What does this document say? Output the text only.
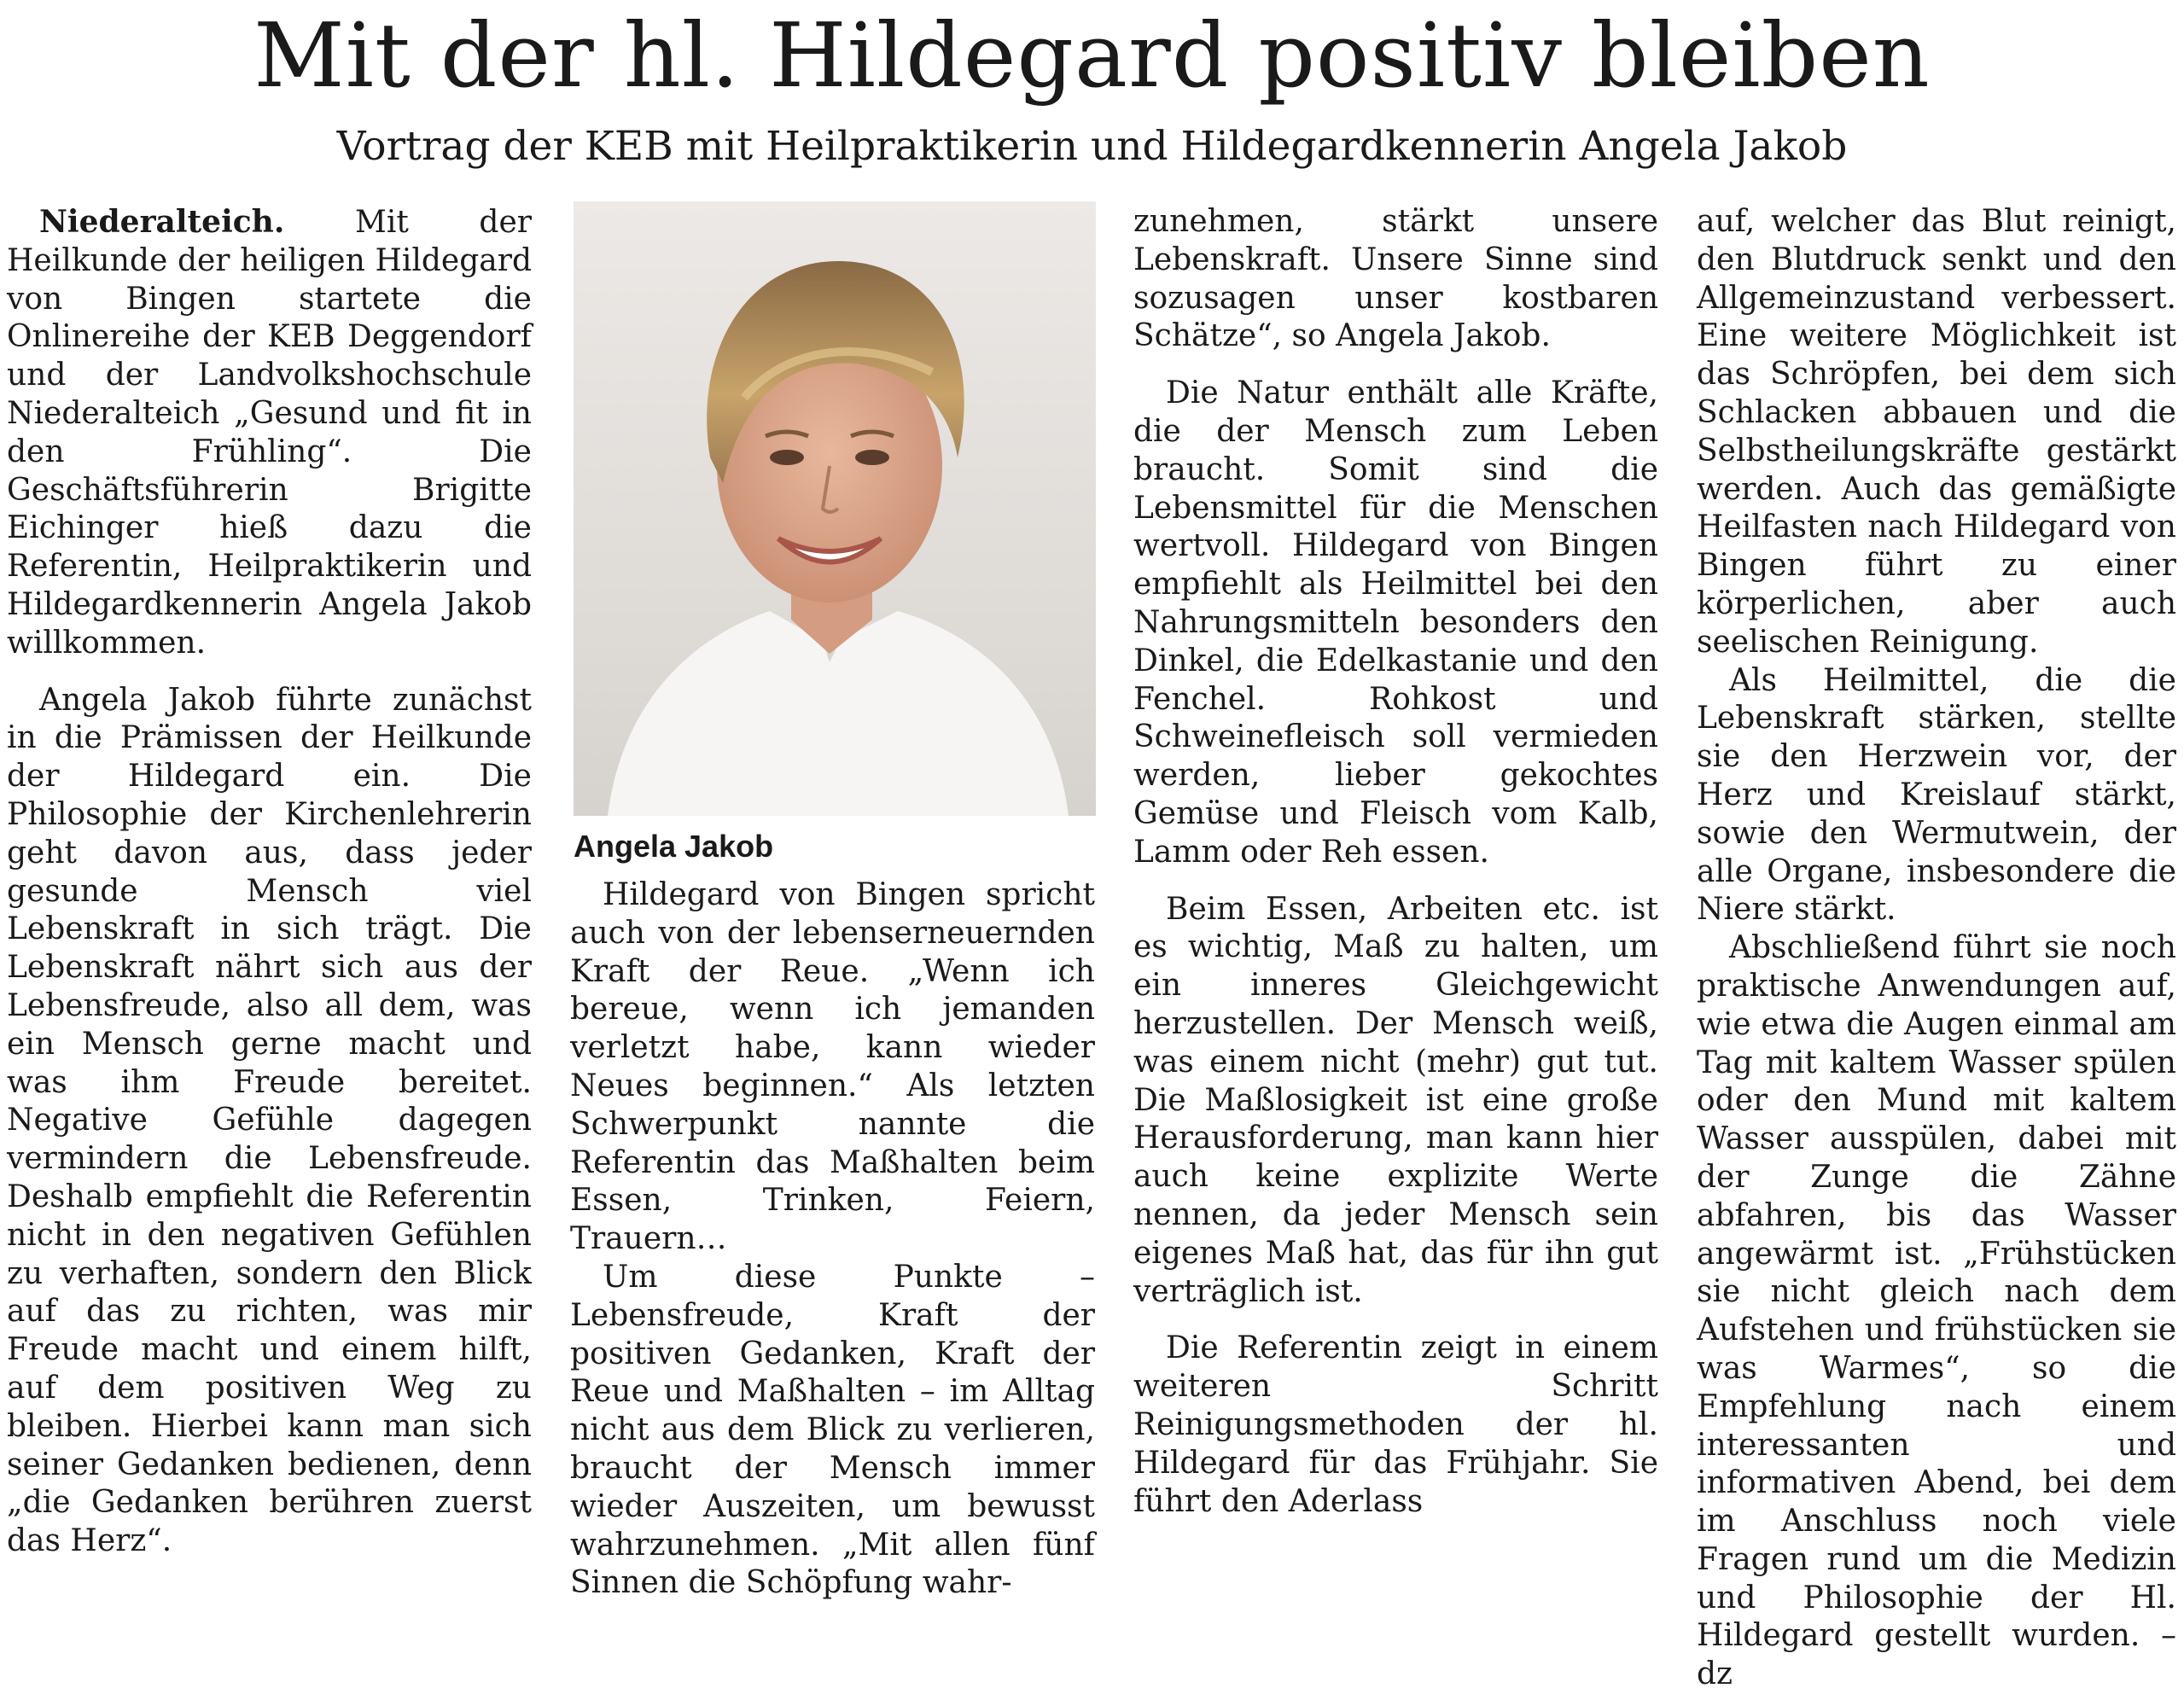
Mit der hl. Hildegard positiv bleiben
Vortrag der KEB mit Heilpraktikerin und Hildegardkennerin Angela Jakob

Niederalteich. Mit der Heilkunde der heiligen Hildegard von Bingen startete die Onlinereihe der KEB Deggendorf und der Landvolkshochschule Niederalteich „Gesund und fit in den Frühling“. Die Geschäftsführerin Brigitte Eichinger hieß dazu die Referentin, Heilpraktikerin und Hildegardkennerin Angela Jakob willkommen.

Angela Jakob führte zunächst in die Prämissen der Heilkunde der Hildegard ein. Die Philosophie der Kirchenlehrerin geht davon aus, dass jeder gesunde Mensch viel Lebenskraft in sich trägt. Die Lebenskraft nährt sich aus der Lebensfreude, also all dem, was ein Mensch gerne macht und was ihm Freude bereitet. Negative Gefühle dagegen vermindern die Lebensfreude. Deshalb empfiehlt die Referentin nicht in den negativen Gefühlen zu verhaften, sondern den Blick auf das zu richten, was mir Freude macht und einem hilft, auf dem positiven Weg zu bleiben. Hierbei kann man sich seiner Gedanken bedienen, denn „die Gedanken berühren zuerst das Herz“.

Angela Jakob

Hildegard von Bingen spricht auch von der lebenserneuernden Kraft der Reue. „Wenn ich bereue, wenn ich jemanden verletzt habe, kann wieder Neues beginnen.“ Als letzten Schwerpunkt nannte die Referentin das Maßhalten beim Essen, Trinken, Feiern, Trauern…

Um diese Punkte – Lebensfreude, Kraft der positiven Gedanken, Kraft der Reue und Maßhalten – im Alltag nicht aus dem Blick zu verlieren, braucht der Mensch immer wieder Auszeiten, um bewusst wahrzunehmen. „Mit allen fünf Sinnen die Schöpfung wahr-

zunehmen, stärkt unsere Lebenskraft. Unsere Sinne sind sozusagen unser kostbaren Schätze“, so Angela Jakob.

Die Natur enthält alle Kräfte, die der Mensch zum Leben braucht. Somit sind die Lebensmittel für die Menschen wertvoll. Hildegard von Bingen empfiehlt als Heilmittel bei den Nahrungsmitteln besonders den Dinkel, die Edelkastanie und den Fenchel. Rohkost und Schweinefleisch soll vermieden werden, lieber gekochtes Gemüse und Fleisch vom Kalb, Lamm oder Reh essen.

Beim Essen, Arbeiten etc. ist es wichtig, Maß zu halten, um ein inneres Gleichgewicht herzustellen. Der Mensch weiß, was einem nicht (mehr) gut tut. Die Maßlosigkeit ist eine große Herausforderung, man kann hier auch keine explizite Werte nennen, da jeder Mensch sein eigenes Maß hat, das für ihn gut verträglich ist.

Die Referentin zeigt in einem weiteren Schritt Reinigungsmethoden der hl. Hildegard für das Frühjahr. Sie führt den Aderlass

auf, welcher das Blut reinigt, den Blutdruck senkt und den Allgemeinzustand verbessert. Eine weitere Möglichkeit ist das Schröpfen, bei dem sich Schlacken abbauen und die Selbstheilungskräfte gestärkt werden. Auch das gemäßigte Heilfasten nach Hildegard von Bingen führt zu einer körperlichen, aber auch seelischen Reinigung.

Als Heilmittel, die die Lebenskraft stärken, stellte sie den Herzwein vor, der Herz und Kreislauf stärkt, sowie den Wermutwein, der alle Organe, insbesondere die Niere stärkt.

Abschließend führt sie noch praktische Anwendungen auf, wie etwa die Augen einmal am Tag mit kaltem Wasser spülen oder den Mund mit kaltem Wasser ausspülen, dabei mit der Zunge die Zähne abfahren, bis das Wasser angewärmt ist. „Frühstücken sie nicht gleich nach dem Aufstehen und frühstücken sie was Warmes“, so die Empfehlung nach einem interessanten und informativen Abend, bei dem im Anschluss noch viele Fragen rund um die Medizin und Philosophie der Hl. Hildegard gestellt wurden. – dz
